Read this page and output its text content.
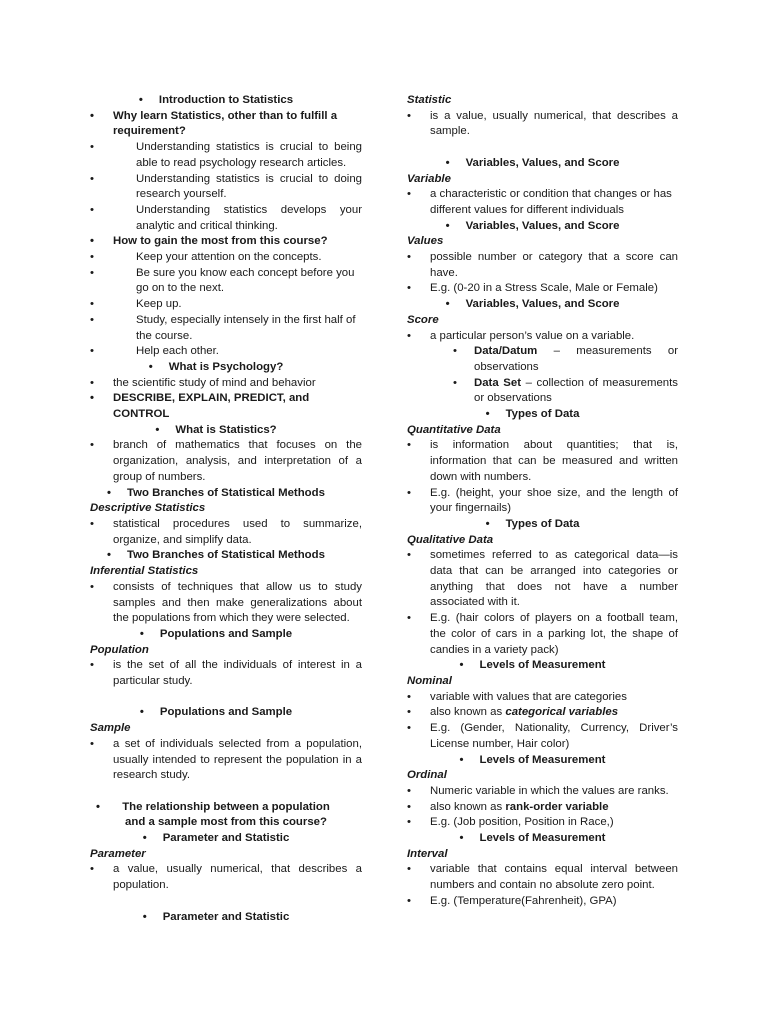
• Introduction to Statistics
• Why learn Statistics, other than to fulfill a requirement?
• Understanding statistics is crucial to being able to read psychology research articles.
• Understanding statistics is crucial to doing research yourself.
• Understanding statistics develops your analytic and critical thinking.
• How to gain the most from this course?
• Keep your attention on the concepts.
• Be sure you know each concept before you go on to the next.
• Keep up.
• Study, especially intensely in the first half of the course.
• Help each other.
• What is Psychology?
• the scientific study of mind and behavior
• DESCRIBE, EXPLAIN, PREDICT, and CONTROL
• What is Statistics?
• branch of mathematics that focuses on the organization, analysis, and interpretation of a group of numbers.
• Two Branches of Statistical Methods
Descriptive Statistics
• statistical procedures used to summarize, organize, and simplify data.
• Two Branches of Statistical Methods
Inferential Statistics
• consists of techniques that allow us to study samples and then make generalizations about the populations from which they were selected.
• Populations and Sample
Population
• is the set of all the individuals of interest in a particular study.
• Populations and Sample
Sample
• a set of individuals selected from a population, usually intended to represent the population in a research study.
• The relationship between a population and a sample most from this course?
• Parameter and Statistic
Parameter
• a value, usually numerical, that describes a population.
• Parameter and Statistic
Statistic
• is a value, usually numerical, that describes a sample.
• Variables, Values, and Score
Variable
• a characteristic or condition that changes or has different values for different individuals
• Variables, Values, and Score
Values
• possible number or category that a score can have.
• E.g. (0-20 in a Stress Scale, Male or Female)
• Variables, Values, and Score
Score
• a particular person’s value on a variable.
• Data/Datum – measurements or observations
• Data Set – collection of measurements or observations
• Types of Data
Quantitative Data
• is information about quantities; that is, information that can be measured and written down with numbers.
• E.g. (height, your shoe size, and the length of your fingernails)
• Types of Data
Qualitative Data
• sometimes referred to as categorical data—is data that can be arranged into categories or anything that does not have a number associated with it.
• E.g. (hair colors of players on a football team, the color of cars in a parking lot, the shape of candies in a variety pack)
• Levels of Measurement
Nominal
• variable with values that are categories
• also known as categorical variables
• E.g. (Gender, Nationality, Currency, Driver’s License number, Hair color)
• Levels of Measurement
Ordinal
• Numeric variable in which the values are ranks.
• also known as rank-order variable
• E.g. (Job position, Position in Race,)
• Levels of Measurement
Interval
• variable that contains equal interval between numbers and contain no absolute zero point.
• E.g. (Temperature(Fahrenheit), GPA)
